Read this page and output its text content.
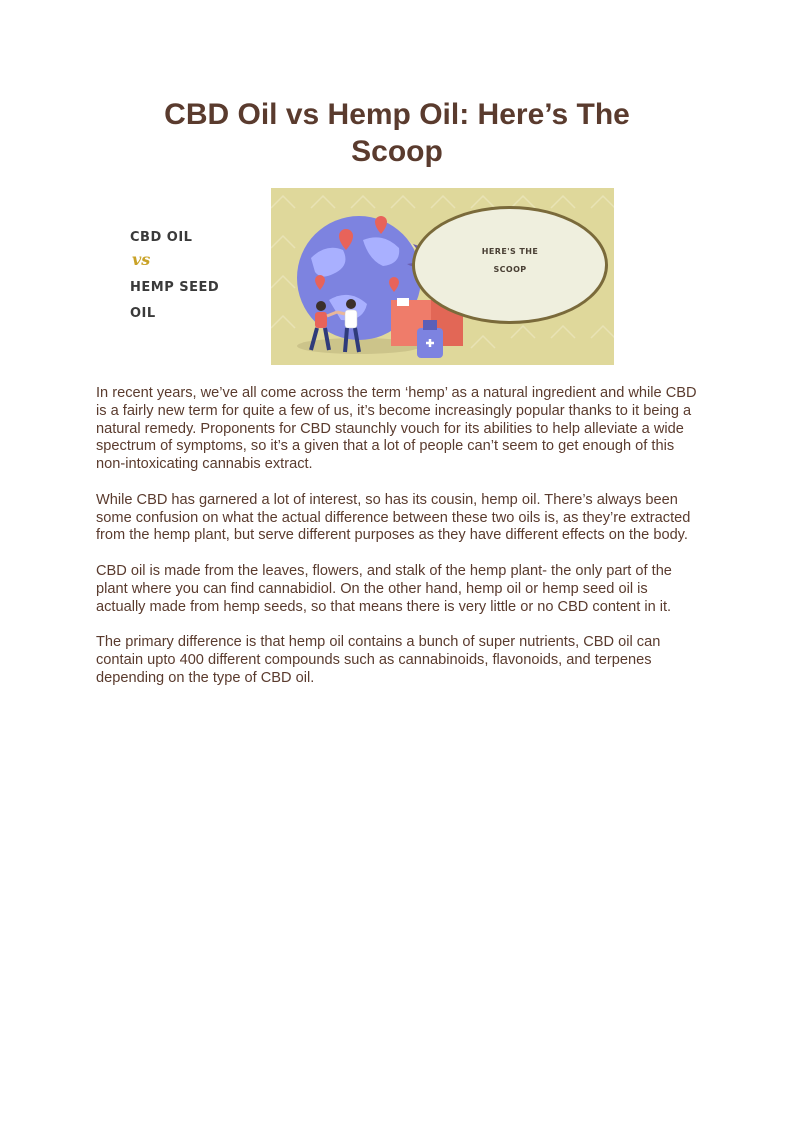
CBD Oil vs Hemp Oil: Here’s The Scoop
CBD OIL
vs
HEMP SEED
OIL
HERE'S THE
SCOOP

In recent years, we’ve all come across the term ‘hemp’ as a natural ingredient and while CBD is a fairly new term for quite a few of us, it’s become increasingly popular thanks to it being a natural remedy. Proponents for CBD staunchly vouch for its abilities to help alleviate a wide spectrum of symptoms, so it’s a given that a lot of people can’t seem to get enough of this non-intoxicating cannabis extract.

While CBD has garnered a lot of interest, so has its cousin, hemp oil. There’s always been some confusion on what the actual difference between these two oils is, as they’re extracted from the hemp plant, but serve different purposes as they have different effects on the body.

CBD oil is made from the leaves, flowers, and stalk of the hemp plant- the only part of the plant where you can find cannabidiol. On the other hand, hemp oil or hemp seed oil is actually made from hemp seeds, so that means there is very little or no CBD content in it.

The primary difference is that hemp oil contains a bunch of super nutrients, CBD oil can contain upto 400 different compounds such as cannabinoids, flavonoids, and terpenes depending on the type of CBD oil.
